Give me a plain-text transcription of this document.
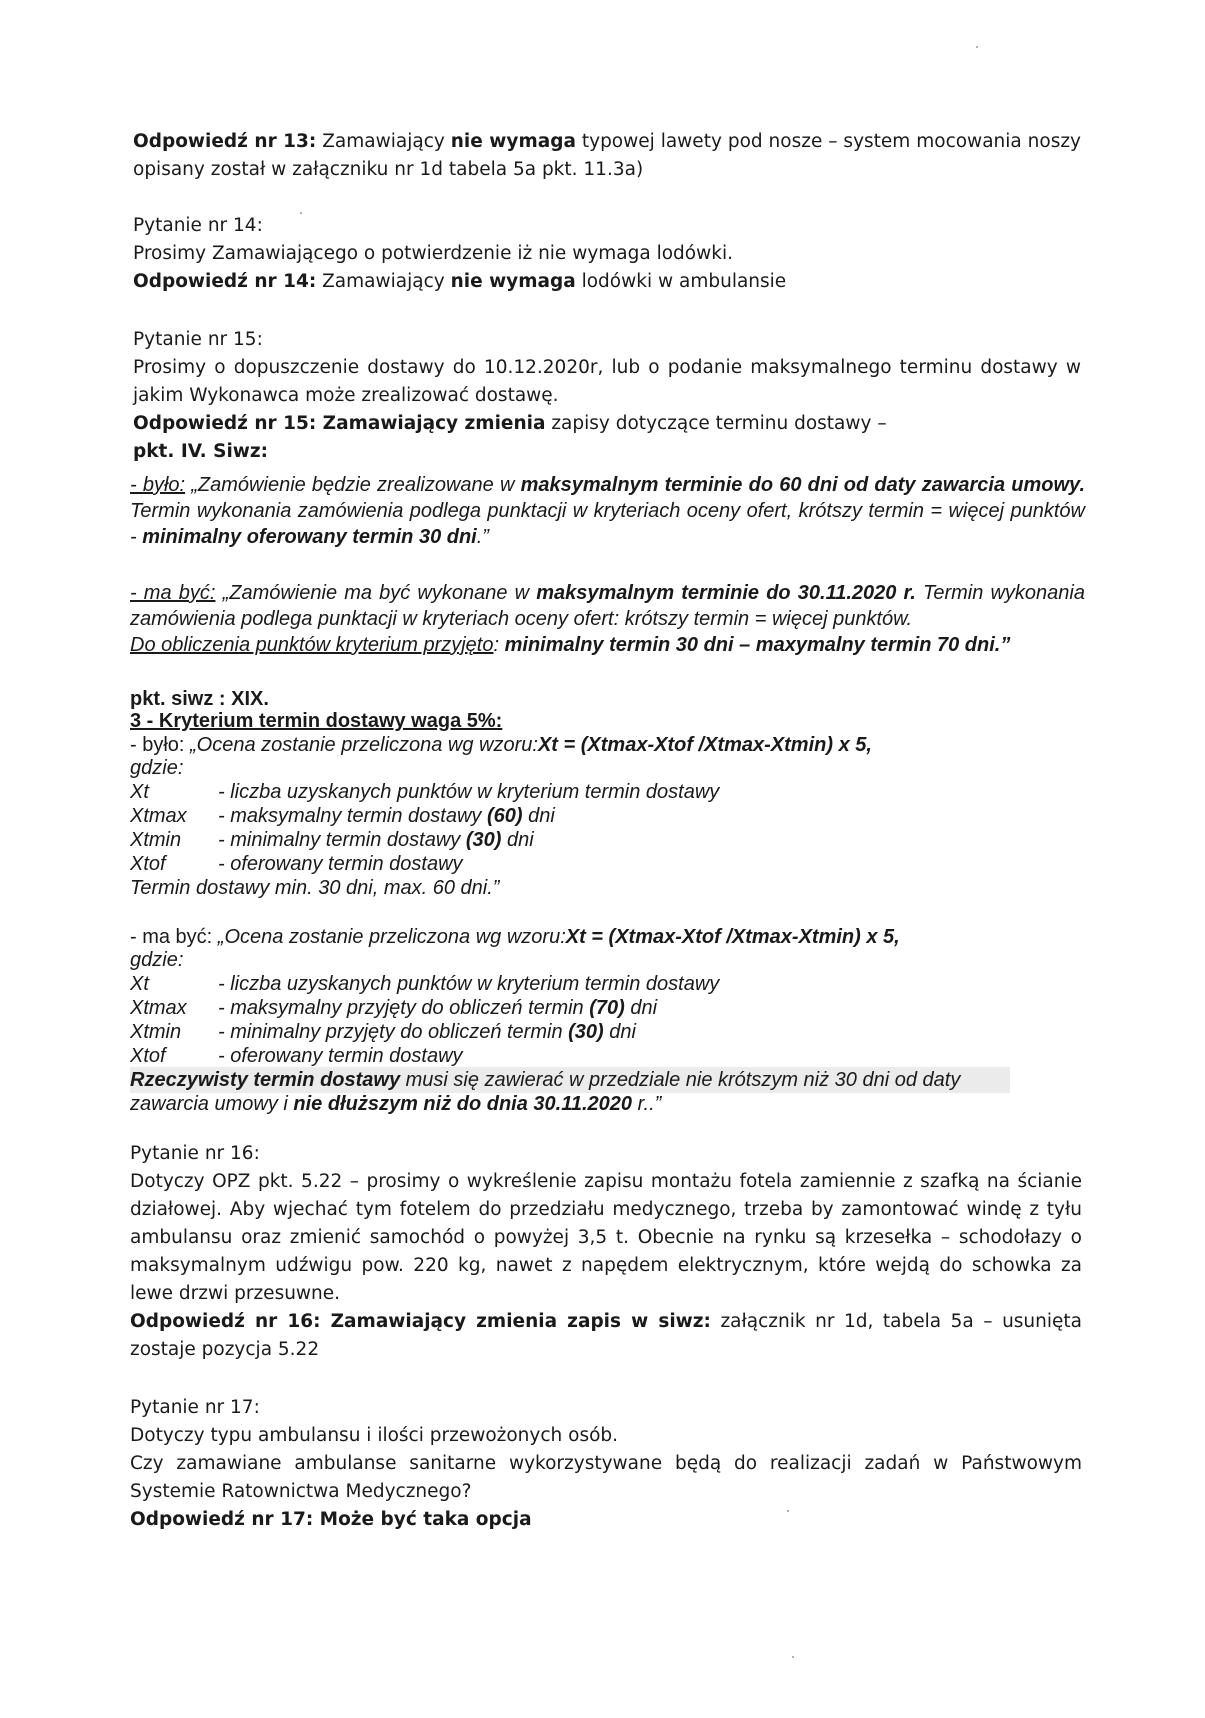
Odpowiedź nr 13: Zamawiający nie wymaga typowej lawety pod nosze – system mocowania noszy opisany został w załączniku nr 1d tabela 5a pkt. 11.3a)
Pytanie nr 14:
Prosimy Zamawiającego o potwierdzenie iż nie wymaga lodówki.
Odpowiedź nr 14: Zamawiający nie wymaga lodówki w ambulansie
Pytanie nr 15:
Prosimy o dopuszczenie dostawy do 10.12.2020r, lub o podanie maksymalnego terminu dostawy w jakim Wykonawca może zrealizować dostawę.
Odpowiedź nr 15: Zamawiający zmienia zapisy dotyczące terminu dostawy –
pkt. IV. Siwz:
- było: „Zamówienie będzie zrealizowane w maksymalnym terminie do 60 dni od daty zawarcia umowy. Termin wykonania zamówienia podlega punktacji w kryteriach oceny ofert, krótszy termin = więcej punktów - minimalny oferowany termin 30 dni.”
- ma być: „Zamówienie ma być wykonane w maksymalnym terminie do 30.11.2020 r. Termin wykonania zamówienia podlega punktacji w kryteriach oceny ofert: krótszy termin = więcej punktów.
Do obliczenia punktów kryterium przyjęto: minimalny termin 30 dni – maxymalny termin 70 dni.”
pkt. siwz : XIX.
3 - Kryterium termin dostawy waga 5%:
- było: „Ocena zostanie przeliczona wg wzoru:Xt = (Xtmax-Xtof /Xtmax-Xtmin) x 5,
gdzie:
Xt	- liczba uzyskanych punktów w kryterium termin dostawy
Xtmax - maksymalny termin dostawy (60) dni
Xtmin - minimalny termin dostawy (30) dni
Xtof	- oferowany termin dostawy
Termin dostawy min. 30 dni, max. 60 dni.”
- ma być: „Ocena zostanie przeliczona wg wzoru:Xt = (Xtmax-Xtof /Xtmax-Xtmin) x 5,
gdzie:
Xt	- liczba uzyskanych punktów w kryterium termin dostawy
Xtmax - maksymalny przyjęty do obliczeń termin (70) dni
Xtmin - minimalny przyjęty do obliczeń termin (30) dni
Xtof	- oferowany termin dostawy
Rzeczywisty termin dostawy musi się zawierać w przedziale nie krótszym niż 30 dni od daty
zawarcia umowy i nie dłuższym niż do dnia 30.11.2020 r..”
Pytanie nr 16:
Dotyczy OPZ pkt. 5.22 – prosimy o wykreślenie zapisu montażu fotela zamiennie z szafką na ścianie działowej. Aby wjechać tym fotelem do przedziału medycznego, trzeba by zamontować windę z tyłu ambulansu oraz zmienić samochód o powyżej 3,5 t. Obecnie na rynku są krzesełka – schodołazy o maksymalnym udźwigu pow. 220 kg, nawet z napędem elektrycznym, które wejdą do schowka za lewe drzwi przesuwne.
Odpowiedź nr 16: Zamawiający zmienia zapis w siwz: załącznik nr 1d, tabela 5a – usunięta zostaje pozycja 5.22
Pytanie nr 17:
Dotyczy typu ambulansu i ilości przewożonych osób.
Czy zamawiane ambulanse sanitarne wykorzystywane będą do realizacji zadań w Państwowym Systemie Ratownictwa Medycznego?
Odpowiedź nr 17: Może być taka opcja
